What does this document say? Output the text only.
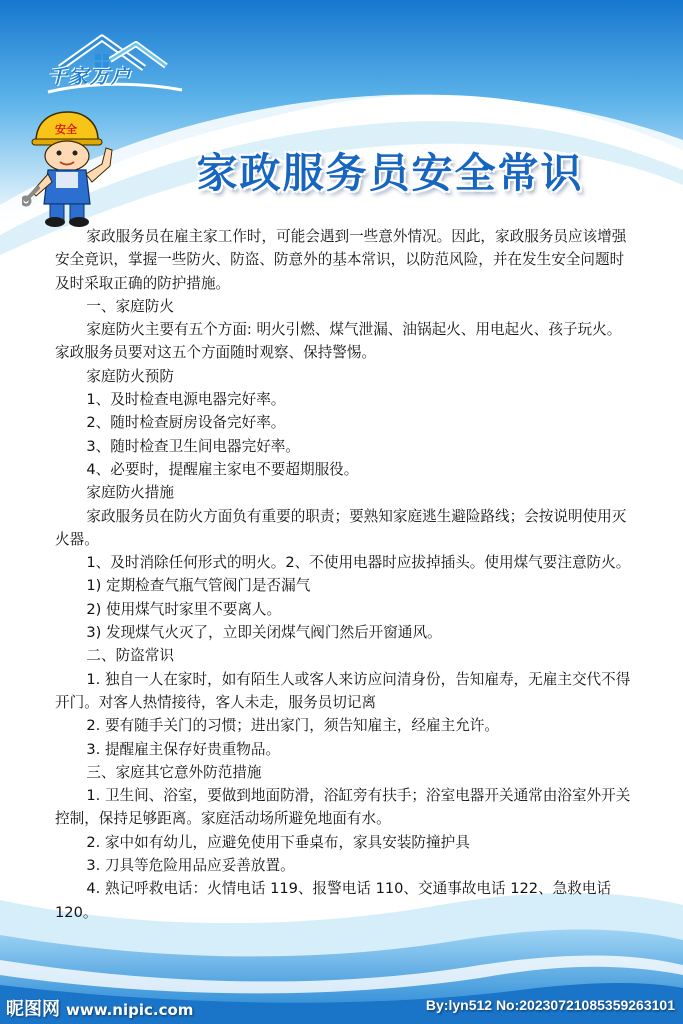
千家万户
安全
家政服务员安全常识

家政服务员在雇主家工作时，可能会遇到一些意外情况。因此，家政服务员应该增强安全竟识，掌握一些防火、防盗、防意外的基本常识，以防范风险，并在发生安全问题时及时采取正确的防护措施。

一、家庭防火

家庭防火主要有五个方面: 明火引燃、煤气泄漏、油锅起火、用电起火、孩子玩火。家政服务员要对这五个方面随时观察、保持警惕。

家庭防火预防

1、及时检查电源电器完好率。

2、随时检查厨房设备完好率。

3、随时检查卫生间电器完好率。

4、必要时，提醒雇主家电不要超期服役。

家庭防火措施

家政服务员在防火方面负有重要的职责；要熟知家庭逃生避险路线；会按说明使用灭火器。

1、及时消除任何形式的明火。2、不使用电器时应拔掉插头。使用煤气要注意防火。

1) 定期检查气瓶气管阀门是否漏气

2) 使用煤气时家里不要离人。

3) 发现煤气火灭了，立即关闭煤气阀门然后开窗通风。

二、防盗常识

1. 独自一人在家时，如有陌生人或客人来访应问清身份，告知雇寿，无雇主交代不得开门。对客人热情接待，客人未走，服务员切记离

2. 要有随手关门的习惯；进出家门，须告知雇主，经雇主允许。

3. 提醒雇主保存好贵重物品。

三、家庭其它意外防范措施

1. 卫生间、浴室，要做到地面防滑，浴缸旁有扶手；浴室电器开关通常由浴室外开关控制，保持足够距离。家庭活动场所避免地面有水。

2. 家中如有幼儿，应避免使用下垂桌布，家具安装防撞护具

3. 刀具等危险用品应妥善放置。

4. 熟记呼救电话：火情电话 119、报警电话 110、交通事故电话 122、急救电话 120。

昵图网 www.nipic.com	By:lyn512 No:20230721085359263101
